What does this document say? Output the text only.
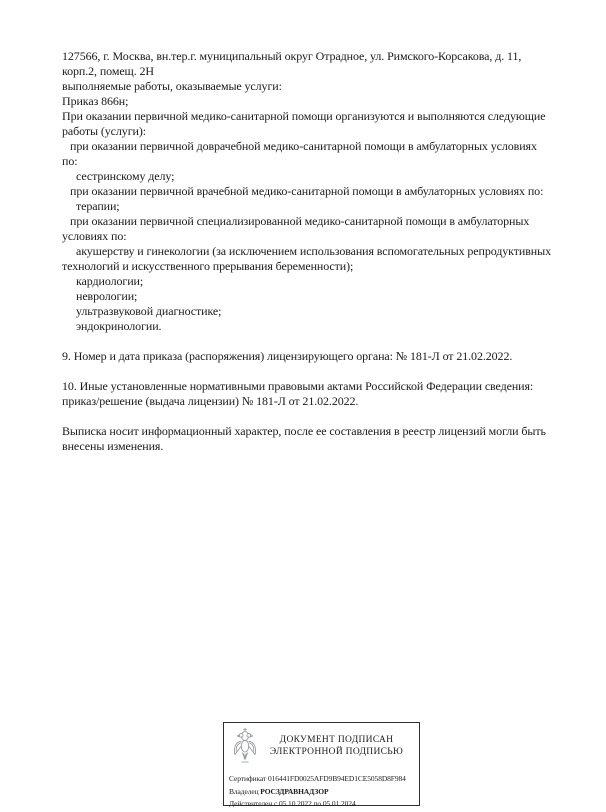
127566, г. Москва, вн.тер.г. муниципальный округ Отрадное, ул. Римского-Корсакова, д. 11,
корп.2, помещ. 2Н
выполняемые работы, оказываемые услуги:
Приказ 866н;
При оказании первичной медико-санитарной помощи организуются и выполняются следующие
работы (услуги):
при оказании первичной доврачебной медико-санитарной помощи в амбулаторных условиях
по:
сестринскому делу;
при оказании первичной врачебной медико-санитарной помощи в амбулаторных условиях по:
терапии;
при оказании первичной специализированной медико-санитарной помощи в амбулаторных
условиях по:
акушерству и гинекологии (за исключением использования вспомогательных репродуктивных
технологий и искусственного прерывания беременности);
кардиологии;
неврологии;
ультразвуковой диагностике;
эндокринологии.
9. Номер и дата приказа (распоряжения) лицензирующего органа: № 181-Л от 21.02.2022.
10. Иные установленные нормативными правовыми актами Российской Федерации сведения:
приказ/решение (выдача лицензии) № 181-Л от 21.02.2022.
Выписка носит информационный характер, после ее составления в реестр лицензий могли быть
внесены изменения.
ДОКУМЕНТ ПОДПИСАН
ЭЛЕКТРОННОЙ ПОДПИСЬЮ
Сертификат 016441FD0025AFD9B94ED1CE5058D8F984
Владелец РОСЗДРАВНАДЗОР
Действителен с 05.10.2022 по 05.01.2024
